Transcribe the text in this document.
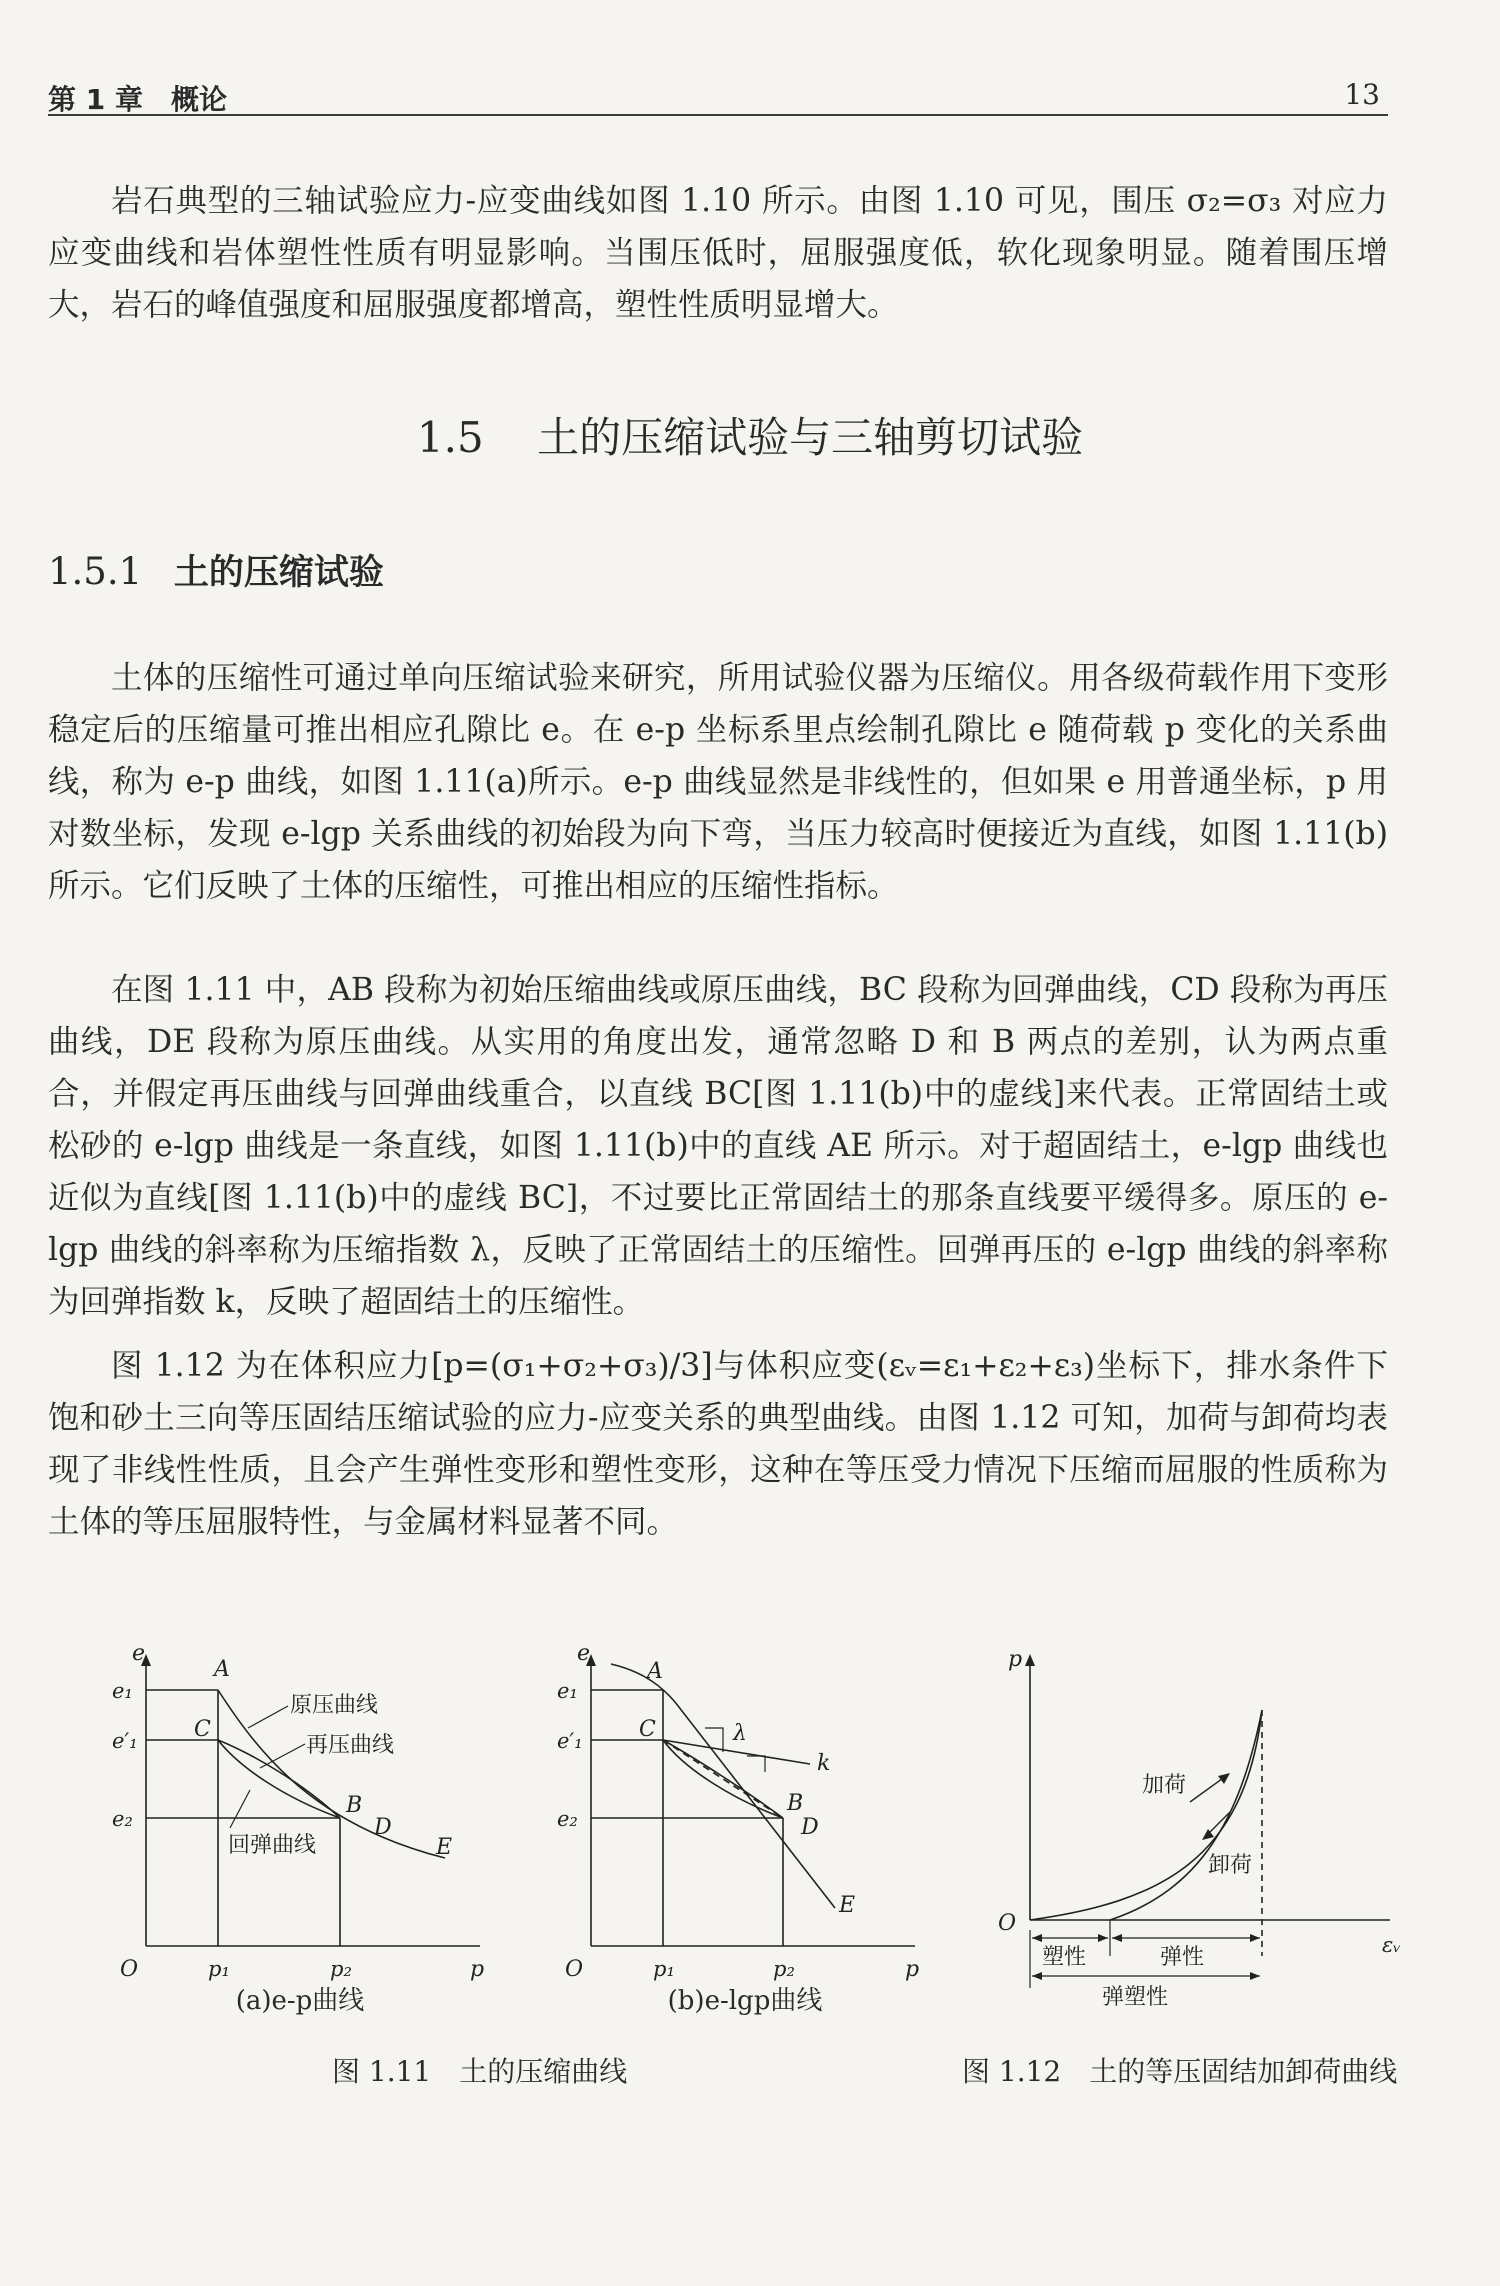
第 1 章　概论	13

岩石典型的三轴试验应力-应变曲线如图 1.10 所示。由图 1.10 可见，围压 σ₂=σ₃ 对应力应变曲线和岩体塑性性质有明显影响。当围压低时，屈服强度低，软化现象明显。随着围压增大，岩石的峰值强度和屈服强度都增高，塑性性质明显增大。

1.5 土的压缩试验与三轴剪切试验
1.5.1 土的压缩试验

土体的压缩性可通过单向压缩试验来研究，所用试验仪器为压缩仪。用各级荷载作用下变形稳定后的压缩量可推出相应孔隙比 e。在 e-p 坐标系里点绘制孔隙比 e 随荷载 p 变化的关系曲线，称为 e-p 曲线，如图 1.11(a)所示。e-p 曲线显然是非线性的，但如果 e 用普通坐标，p 用对数坐标，发现 e-lgp 关系曲线的初始段为向下弯，当压力较高时便接近为直线，如图 1.11(b)所示。它们反映了土体的压缩性，可推出相应的压缩性指标。

在图 1.11 中，AB 段称为初始压缩曲线或原压曲线，BC 段称为回弹曲线，CD 段称为再压曲线，DE 段称为原压曲线。从实用的角度出发，通常忽略 D 和 B 两点的差别，认为两点重合，并假定再压曲线与回弹曲线重合，以直线 BC[图 1.11(b)中的虚线]来代表。正常固结土或松砂的 e-lgp 曲线是一条直线，如图 1.11(b)中的直线 AE 所示。对于超固结土，e-lgp 曲线也近似为直线[图 1.11(b)中的虚线 BC]，不过要比正常固结土的那条直线要平缓得多。原压的 e-lgp 曲线的斜率称为压缩指数 λ，反映了正常固结土的压缩性。回弹再压的 e-lgp 曲线的斜率称为回弹指数 k，反映了超固结土的压缩性。

图 1.12 为在体积应力[p=(σ₁+σ₂+σ₃)/3]与体积应变(εᵥ=ε₁+ε₂+ε₃)坐标下，排水条件下饱和砂土三向等压固结压缩试验的应力-应变关系的典型曲线。由图 1.12 可知，加荷与卸荷均表现了非线性性质，且会产生弹性变形和塑性变形，这种在等压受力情况下压缩而屈服的性质称为土体的等压屈服特性，与金属材料显著不同。

e
e₁
e′₁
e₂
O	p₁	p₂	p
A
C
B
D
E
原压曲线
再压曲线
回弹曲线
(a)e-p曲线
e
e₁
e′₁
e₂
O	p₁	p₂	p
A
C
B
D
E
λ
k
(b)e-lgp曲线
p
O
εᵥ
加荷
卸荷
塑性	弹性
弹塑性
图 1.11　土的压缩曲线	图 1.12　土的等压固结加卸荷曲线
